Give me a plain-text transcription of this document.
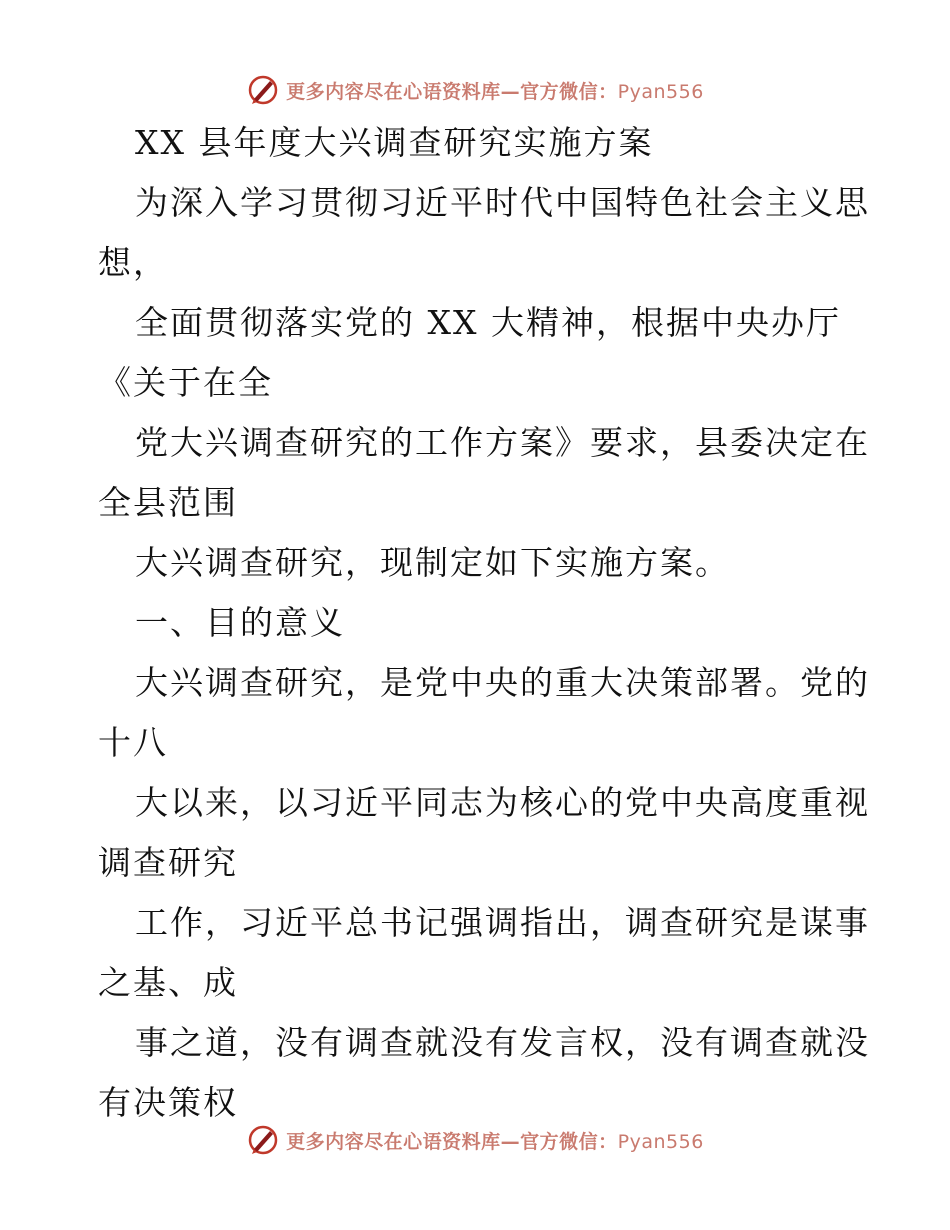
更多内容尽在心语资料库—官方微信：Pyan556
XX 县年度大兴调查研究实施方案
为深入学习贯彻习近平时代中国特色社会主义思
想，
全面贯彻落实党的 XX 大精神，根据中央办厅
《关于在全
党大兴调查研究的工作方案》要求，县委决定在
全县范围
大兴调查研究，现制定如下实施方案。
一、目的意义
大兴调查研究，是党中央的重大决策部署。党的
十八
大以来，以习近平同志为核心的党中央高度重视
调查研究
工作，习近平总书记强调指出，调查研究是谋事
之基、成
事之道，没有调查就没有发言权，没有调查就没
有决策权
更多内容尽在心语资料库—官方微信：Pyan556
